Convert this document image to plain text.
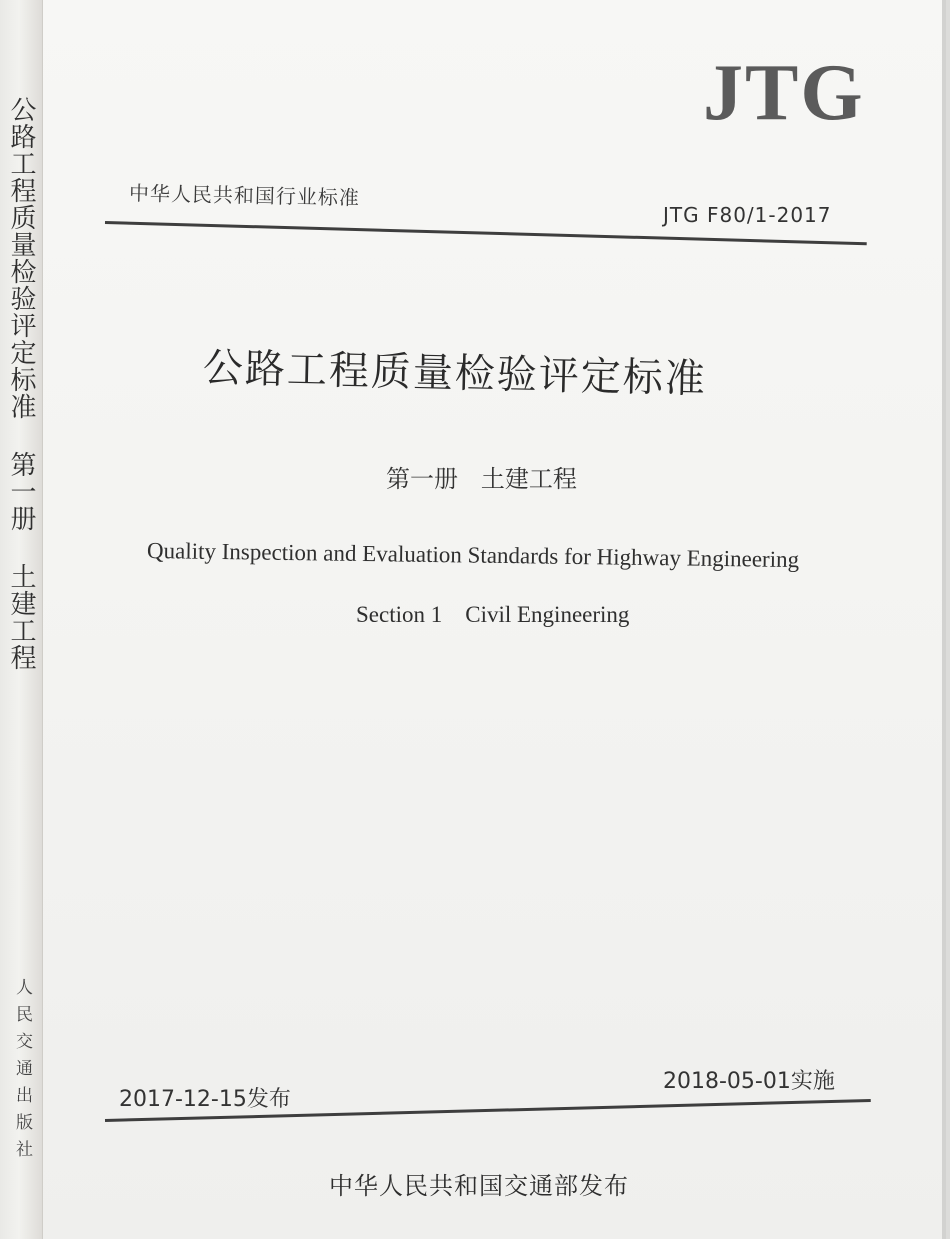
公路工程质量检验评定标准 第一册 土建工程
人民交通出版社
JTG
中华人民共和国行业标准
JTG F80/1-2017
公路工程质量检验评定标准
第一册 土建工程
Quality Inspection and Evaluation Standards for Highway Engineering
Section 1 Civil Engineering
2017-12-15发布
2018-05-01实施
中华人民共和国交通部发布
